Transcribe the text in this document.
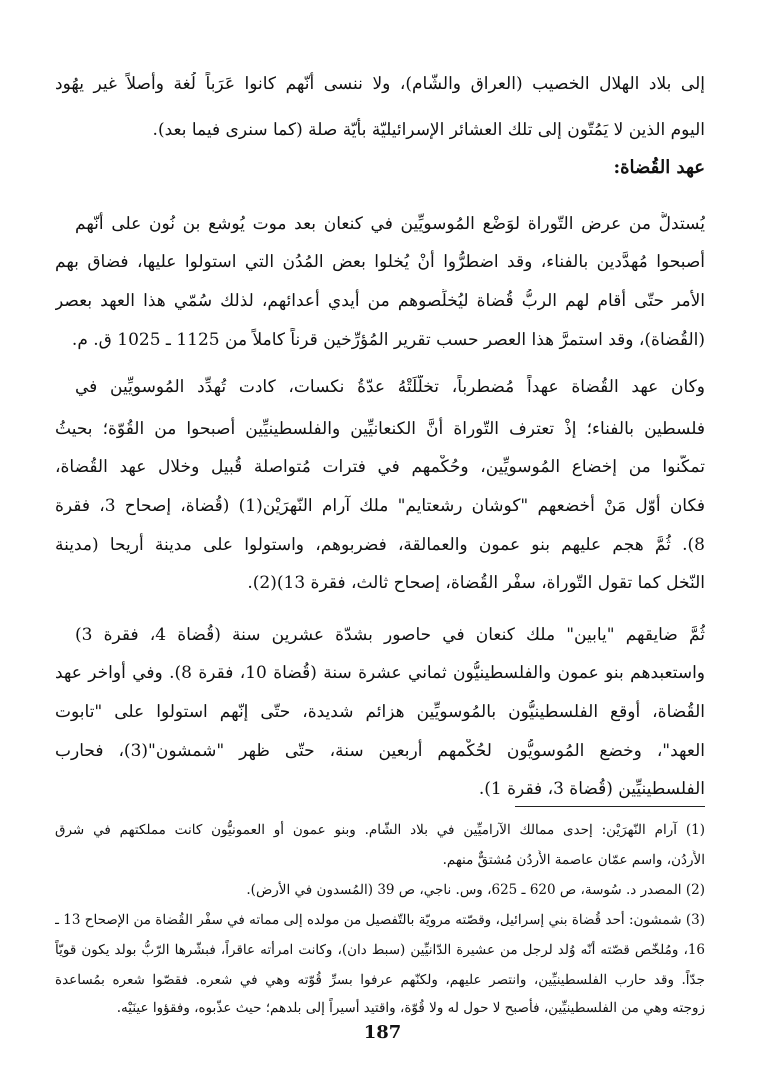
إلى بلاد الهلال الخصيب (العراق والشّام)، ولا ننسى أنّهم كانوا عَرَباً لُغة وأصلاً غير يهُود
اليوم الذين لا يَمُتّون إلى تلك العشائر الإسرائيليّة بأيّة صلة (كما سنرى فيما بعد).
عهد القُضاة:
يُستدلُّ من عرض التّوراة لوَضْع المُوسويِّين في كنعان بعد موت يُوشع بن نُون على أنّهم
أصبحوا مُهدَّدين بالفناء، وقد اضطرُّوا أنْ يُخلوا بعض المُدُن التي استولوا عليها، فضاق بهم
الأمر حتّى أقام لهم الربُّ قُضاة ليُخلِّصوهم من أيدي أعدائهم، لذلك سُمّي هذا العهد بعصر
(القُضاة)، وقد استمرَّ هذا العصر حسب تقرير المُؤرِّخين قرناً كاملاً من 1125 ـ 1025 ق. م.
وكان عهد القُضاة عهداً مُضطرباً، تخلَّلَتْهُ عدّةُ نكسات، كادت تُهدِّد المُوسويِّين في
فلسطين بالفناء؛ إذْ تعترف التّوراة أنَّ الكنعانيِّين والفلسطينيِّين أصبحوا من القُوّة؛ بحيثُ
تمكّنوا من إخضاع المُوسويِّين، وحُكْمهم في فترات مُتواصلة قُبيل وخلال عهد القُضاة،
فكان أوّل مَنْ أخضعهم "كوشان رشعتايم" ملك آرام النّهرَيْن(1) (قُضاة، إصحاح 3، فقرة
8). ثُمَّ هجم عليهم بنو عمون والعمالقة، فضربوهم، واستولوا على مدينة أريحا (مدينة
النّخل كما تقول التّوراة، سفْر القُضاة، إصحاح ثالث، فقرة 13)(2).
ثُمَّ ضايقهم "يابين" ملك كنعان في حاصور بشدّة عشرين سنة (قُضاة 4، فقرة 3)
واستعبدهم بنو عمون والفلسطينيُّون ثماني عشرة سنة (قُضاة 10، فقرة 8). وفي أواخر عهد
القُضاة، أوقع الفلسطينيُّون بالمُوسويِّين هزائم شديدة، حتّى إنّهم استولوا على "تابوت
العهد"، وخضع المُوسويُّون لحُكْمهم أربعين سنة، حتّى ظهر "شمشون"(3)، فحارب
الفلسطينيِّين (قُضاة 3، فقرة 1).
(1) آرام النّهرَيْن: إحدى ممالك الآراميِّين في بلاد الشّام. وبنو عمون أو العمونيُّون كانت مملكتهم في شرق
الأُردُن، واسم عمّان عاصمة الأُردُن مُشتقٌّ منهم.
(2) المصدر د. سُوسة، ص 620 ـ 625، وس. ناجي، ص 39 (المُسدون في الأرض).
(3) شمشون: أحد قُضاة بني إسرائيل، وقصّته مرويّة بالتّفصيل من مولده إلى مماته في سفْر القُضاة من الإصحاح 13 ـ
16، ومُلخّص قصّته أنّه وُلد لرجل من عشيرة الدّانيِّين (سبط دان)، وكانت امرأته عاقراً، فبشّرها الرّبُّ بولد يكون قويّاً
جدّاً. وقد حارب الفلسطينيِّين، وانتصر عليهم، ولكنّهم عرفوا بسرِّ قُوّته وهي في شعره. فقصّوا شعره بمُساعدة
زوجته وهي من الفلسطينيِّين، فأصبح لا حول له ولا قُوّة، واقتيد أسيراً إلى بلدهم؛ حيث عذّبوه، وفقؤوا عينَيْه.
187
